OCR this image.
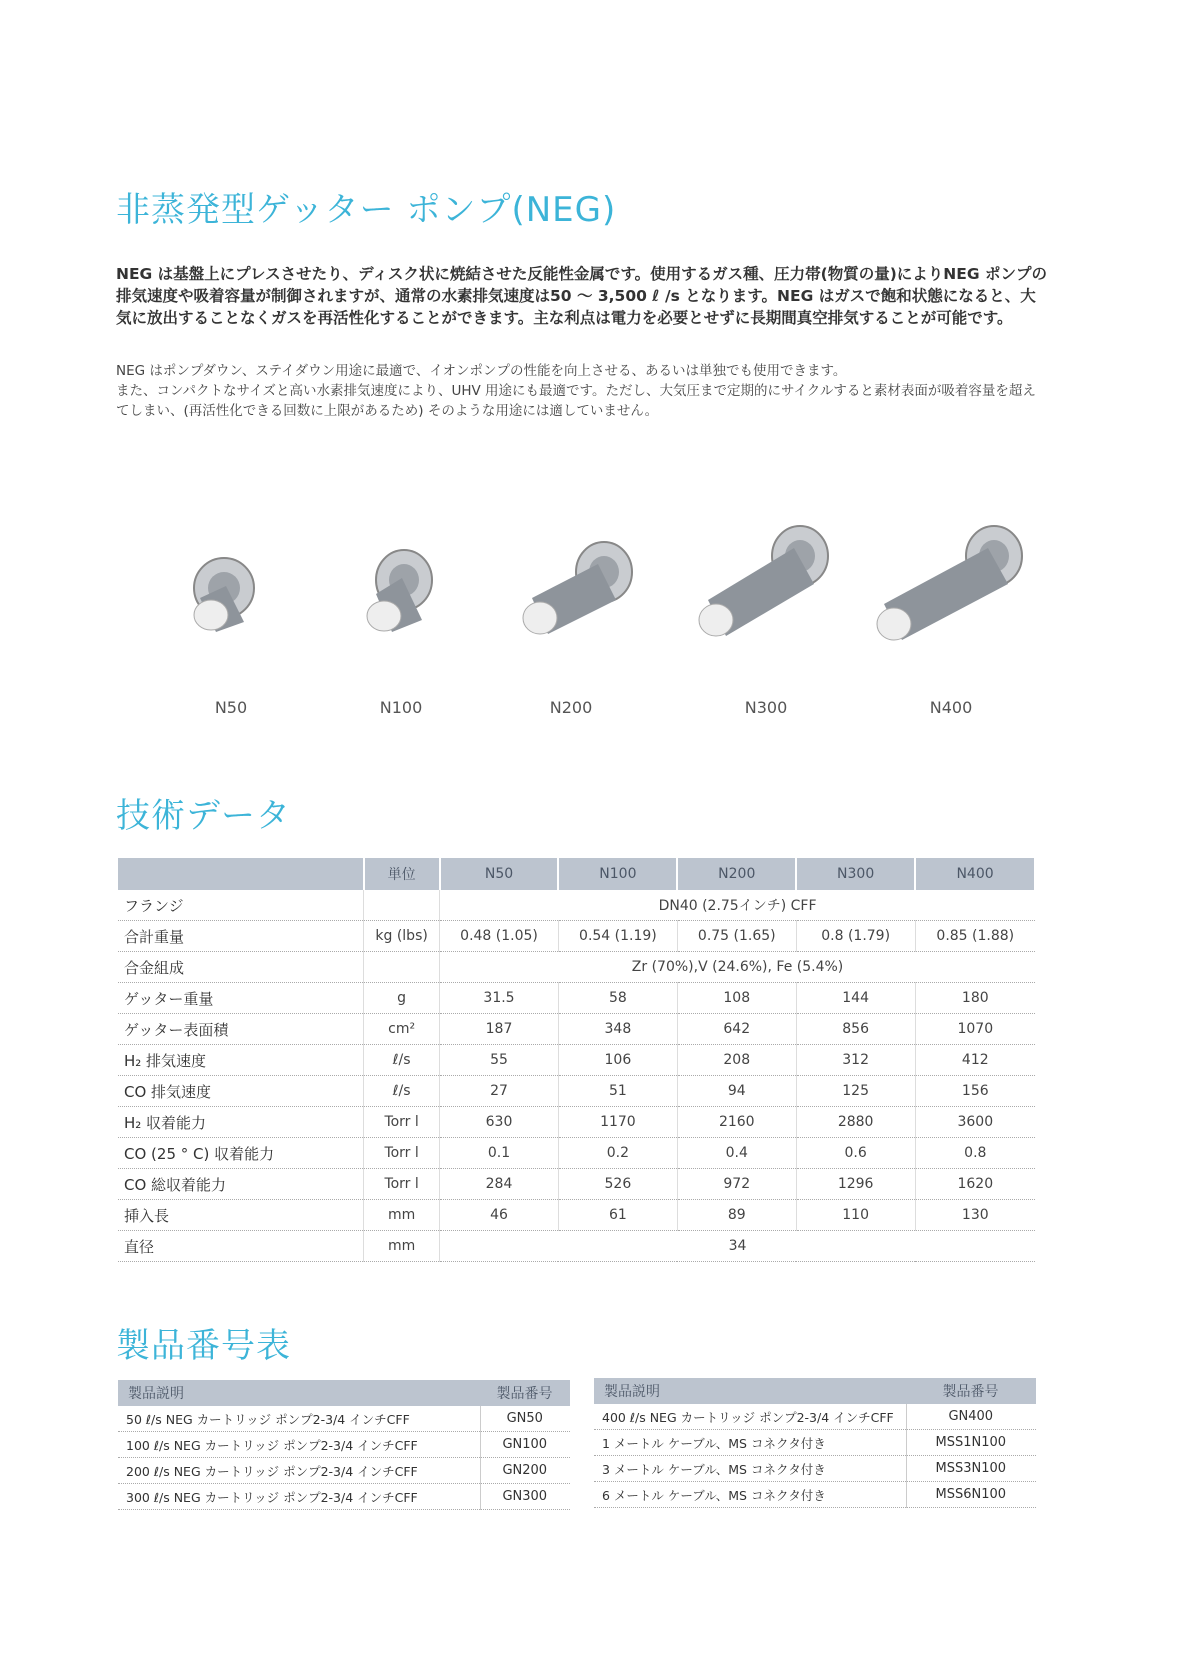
非蒸発型ゲッター ポンプ(NEG)
NEG は基盤上にプレスさせたり、ディスク状に焼結させた反能性金属です。使用するガス種、圧力帯(物質の量)によりNEG ポンプの排気速度や吸着容量が制御されますが、通常の水素排気速度は50 ～ 3,500 ℓ /s となります。NEG はガスで飽和状態になると、大気に放出することなくガスを再活性化することができます。主な利点は電力を必要とせずに長期間真空排気することが可能です。

NEG はポンプダウン、ステイダウン用途に最適で、イオンポンプの性能を向上させる、あるいは単独でも使用できます。

また、コンパクトなサイズと高い水素排気速度により、UHV 用途にも最適です。ただし、大気圧まで定期的にサイクルすると素材表面が吸着容量を超えてしまい、(再活性化できる回数に上限があるため) そのような用途には適していません。

N50	N100	N200	N300	N400
技術データ
	単位	N50	N100	N200	N300	N400
フランジ		DN40 (2.75インチ) CFF				
合計重量	kg (lbs)	0.48 (1.05)	0.54 (1.19)	0.75 (1.65)	0.8 (1.79)	0.85 (1.88)
合金組成		Zr (70%),V (24.6%), Fe (5.4%)				
ゲッター重量	g	31.5	58	108	144	180
ゲッター表面積	cm²	187	348	642	856	1070
H₂ 排気速度	ℓ/s	55	106	208	312	412
CO 排気速度	ℓ/s	27	51	94	125	156
H₂ 収着能力	Torr l	630	1170	2160	2880	3600
CO (25 ° C) 収着能力	Torr l	0.1	0.2	0.4	0.6	0.8
CO 総収着能力	Torr l	284	526	972	1296	1620
挿入長	mm	46	61	89	110	130
直径	mm	34				
製品番号表
製品説明	製品番号
50 ℓ/s NEG カートリッジ ポンプ2-3/4 インチCFF	GN50
100 ℓ/s NEG カートリッジ ポンプ2-3/4 インチCFF	GN100
200 ℓ/s NEG カートリッジ ポンプ2-3/4 インチCFF	GN200
300 ℓ/s NEG カートリッジ ポンプ2-3/4 インチCFF	GN300
製品説明	製品番号
400 ℓ/s NEG カートリッジ ポンプ2-3/4 インチCFF	GN400
1 メートル ケーブル、MS コネクタ付き	MSS1N100
3 メートル ケーブル、MS コネクタ付き	MSS3N100
6 メートル ケーブル、MS コネクタ付き	MSS6N100
